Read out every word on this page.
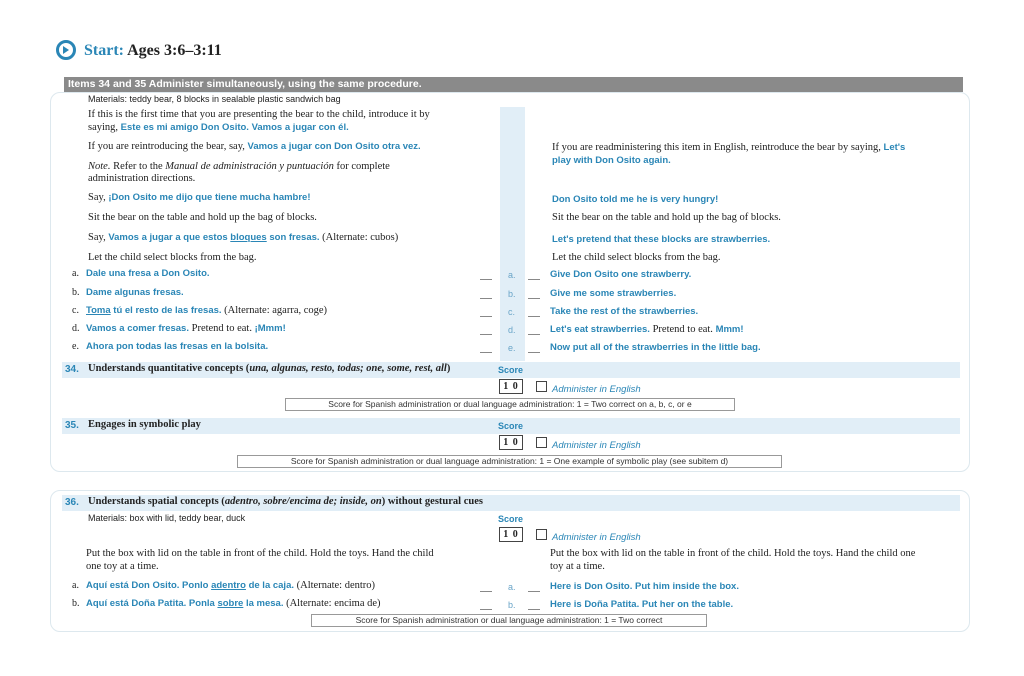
Start: Ages 3:6–3:11
Items 34 and 35 Administer simultaneously, using the same procedure.
Materials: teddy bear, 8 blocks in sealable plastic sandwich bag
If this is the first time that you are presenting the bear to the child, introduce it by
saying, Este es mi amigo Don Osito. Vamos a jugar con él.
If you are reintroducing the bear, say, Vamos a jugar con Don Osito otra vez.
Note. Refer to the Manual de administración y puntuación for complete
administration directions.
Say, ¡Don Osito me dijo que tiene mucha hambre!
Sit the bear on the table and hold up the bag of blocks.
Say, Vamos a jugar a que estos bloques son fresas. (Alternate: cubos)
Let the child select blocks from the bag.
If you are readministering this item in English, reintroduce the bear by saying, Let's
play with Don Osito again.
Don Osito told me he is very hungry!
Sit the bear on the table and hold up the bag of blocks.
Let's pretend that these blocks are strawberries.
Let the child select blocks from the bag.
a. Dale una fresa a Don Osito.	a.	Give Don Osito one strawberry.
b. Dame algunas fresas.	b.	Give me some strawberries.
c. Toma tú el resto de las fresas. (Alternate: agarra, coge)	c.	Take the rest of the strawberries.
d. Vamos a comer fresas. Pretend to eat. ¡Mmm!	d.	Let's eat strawberries. Pretend to eat. Mmm!
e. Ahora pon todas las fresas en la bolsita.	e.	Now put all of the strawberries in the little bag.
34. Understands quantitative concepts (una, algunas, resto, todas; one, some, rest, all)	Score
1 0	Administer in English
Score for Spanish administration or dual language administration: 1 = Two correct on a, b, c, or e
35. Engages in symbolic play	Score
1 0	Administer in English
Score for Spanish administration or dual language administration: 1 = One example of symbolic play (see subitem d)
36. Understands spatial concepts (adentro, sobre/encima de; inside, on) without gestural cues
Materials: box with lid, teddy bear, duck	Score
1 0	Administer in English
Put the box with lid on the table in front of the child. Hold the toys. Hand the child
one toy at a time.
Put the box with lid on the table in front of the child. Hold the toys. Hand the child one
toy at a time.
a. Aquí está Don Osito. Ponlo adentro de la caja. (Alternate: dentro)	a.	Here is Don Osito. Put him inside the box.
b. Aquí está Doña Patita. Ponla sobre la mesa. (Alternate: encima de)	b.	Here is Doña Patita. Put her on the table.
Score for Spanish administration or dual language administration: 1 = Two correct
